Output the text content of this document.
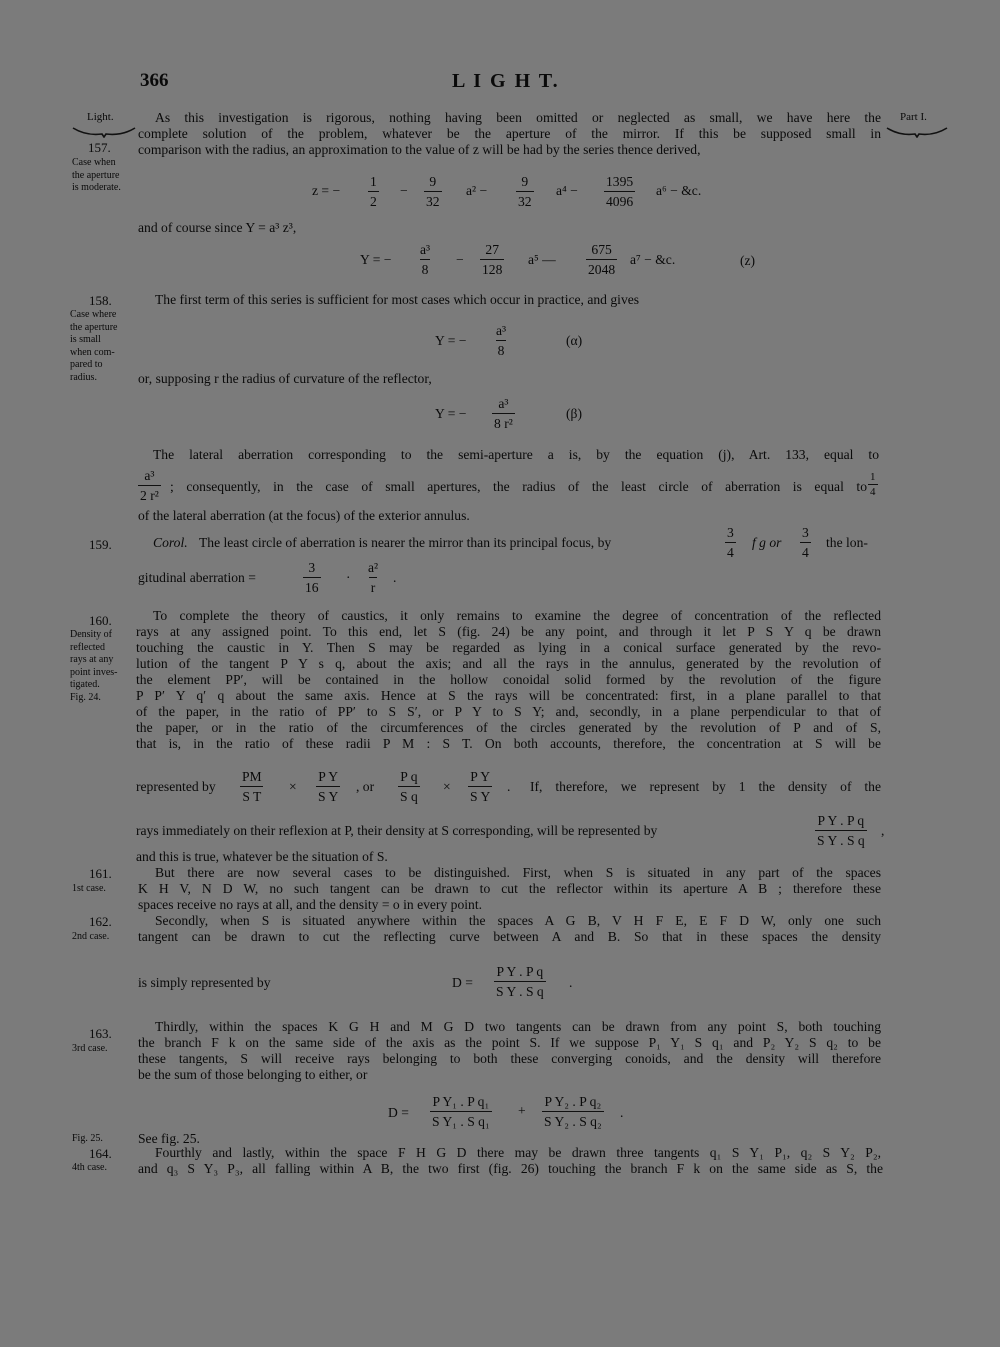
366	L I G H T.
Light.	Part I.
157.
Case when
the aperture
is moderate.
158.
Case where
the aperture
is small
when com-
pared to
radius.
159.
160.
Density of
reflected
rays at any
point inves-
tigated.
Fig. 24.
161.
1st case.
162.
2nd case.
163.
3rd case.
Fig. 25.
164.
4th case.
As this investigation is rigorous, nothing having been omitted or neglected as small, we have here the
complete solution of the problem, whatever be the aperture of the mirror. If this be supposed small in
comparison with the radius, an approximation to the value of z will be had by the series thence derived,
z = − $\frac{1}{2} - \frac{9}{32} a^2 - \frac{9}{32} a^4 - \frac{1395}{4096} a^6$ − &c.
and of course since Y = a³ z³,
Y = − $\frac{\text{a³}}{8} - \frac{27}{128} a^5$ — $\frac{675}{2048} a^7$ − &c.	(z)
The first term of this series is sufficient for most cases which occur in practice, and gives
Y = − $\frac{\text{a³}}{8}$	(α)
or, supposing r the radius of curvature of the reflector,
Y = − $\frac{\text{a³}}{\text{8 r²}}$	(β)
The lateral aberration corresponding to the semi-aperture a is, by the equation (j), Art. 133, equal to
$\frac{\text{a³}}{\text{2 r²}}$ ; consequently, in the case of small apertures, the radius of the least circle of aberration is equal to $\frac{1}{4}$
of the lateral aberration (at the focus) of the exterior annulus.
Corol. The least circle of aberration is nearer the mirror than its principal focus, by	$\frac{3}{4}$ f g or $\frac{3}{4}$ the lon-
gitudinal aberration =	$\frac{3}{16} \cdot \frac{\text{a²}}{r}$ .
To complete the theory of caustics, it only remains to examine the degree of concentration of the reflected
rays at any assigned point. To this end, let S (fig. 24) be any point, and through it let P S Y q be drawn
touching the caustic in Y. Then S may be regarded as lying in a conical surface generated by the revo-
lution of the tangent P Y s q, about the axis; and all the rays in the annulus, generated by the revolution of
the element PP′, will be contained in the hollow conoidal solid formed by the revolution of the figure
P P′ Y q′ q about the same axis. Hence at S the rays will be concentrated: first, in a plane parallel to that
of the paper, in the ratio of PP′ to S S′, or P Y to S Y; and, secondly, in a plane perpendicular to that of
the paper, or in the ratio of the circumferences of the circles generated by the revolution of P and of S,
that is, in the ratio of these radii P M : S T. On both accounts, therefore, the concentration at S will be
represented by $\frac{PM}{\text{S T}} \times \frac{\text{P Y}}{\text{S Y}}$ , or $\frac{\text{P q}}{\text{S q}} \times \frac{\text{P Y}}{\text{S Y}}$ . If, therefore, we represent by 1 the density of the
rays immediately on their reflexion at P, their density at S corresponding, will be represented by	$\frac{\text{P Y . P q}}{\text{S Y . S q}}$ ,
and this is true, whatever be the situation of S.
But there are now several cases to be distinguished. First, when S is situated in any part of the spaces
K H V, N D W, no such tangent can be drawn to cut the reflector within its aperture A B ; therefore these
spaces receive no rays at all, and the density = o in every point.
Secondly, when S is situated anywhere within the spaces A G B, V H F E, E F D W, only one such
tangent can be drawn to cut the reflecting curve between A and B. So that in these spaces the density
is simply represented by	$D = \frac{\text{P Y . P q}}{\text{S Y . S q}}$ .
Thirdly, within the spaces K G H and M G D two tangents can be drawn from any point S, both touching
the branch F k on the same side of the axis as the point S. If we suppose P₁ Y₁ S q₁ and P₂ Y₂ S q₂ to be
these tangents, S will receive rays belonging to both these converging conoids, and the density will therefore
be the sum of those belonging to either, or
$D = \frac{\text{P Y₁ . P q₁}}{\text{S Y₁ . S q₁}} + \frac{\text{P Y₂ . P q₂}}{\text{S Y₂ . S q₂}}$ .
See fig. 25.
Fourthly and lastly, within the space F H G D there may be drawn three tangents q₁ S Y₁ P₁, q₂ S Y₂ P₂,
and q₃ S Y₃ P₃, all falling within A B, the two first (fig. 26) touching the branch F k on the same side as S, the
